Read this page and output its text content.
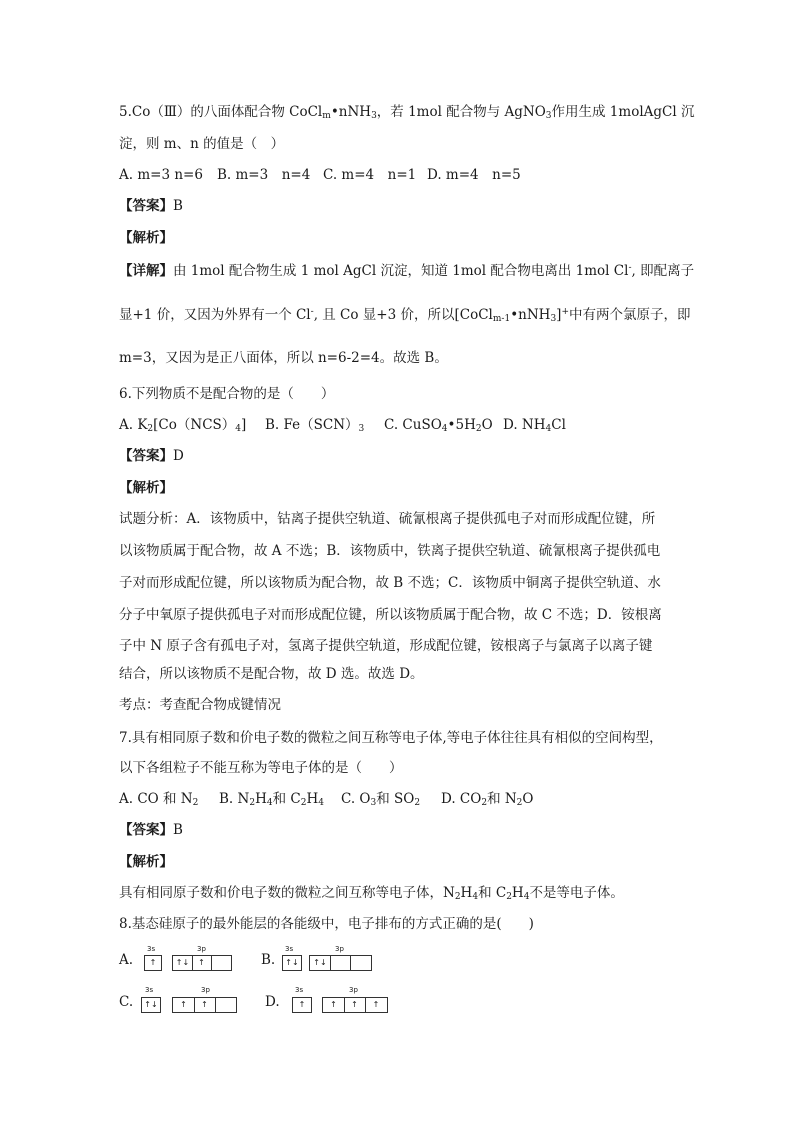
5.Co（Ⅲ）的八面体配合物 CoCl$_m$•nNH$_3$，若 1mol 配合物与 AgNO$_3$作用生成 1molAgCl 沉
淀，则 m、n 的值是（　）
A. m=3 n=6 B. m=3　n=4 C. m=4　n=1 D. m=4　n=5
【答案】B
【解析】
【详解】由 1mol 配合物生成 1 mol AgCl 沉淀，知道 1mol 配合物电离出 1mol Cl-, 即配离子
显+1 价，又因为外界有一个 Cl-, 且 Co 显+3 价，所以[CoCl$_{m-1}$•nNH$_3$]+中有两个氯原子，即
m=3，又因为是正八面体，所以 n=6-2=4。故选 B。
6.下列物质不是配合物的是（　　）
A. $K_2[Co(NCS)_4]$ B. $Fe(SCN)_3$ C. $CuSO_4•5H_2O$ D. $NH_4Cl$
【答案】D
【解析】
试题分析：A．该物质中，钴离子提供空轨道、硫氰根离子提供孤电子对而形成配位键，所
以该物质属于配合物，故 A 不选；B．该物质中，铁离子提供空轨道、硫氰根离子提供孤电
子对而形成配位键，所以该物质为配合物，故 B 不选；C．该物质中铜离子提供空轨道、水
分子中氧原子提供孤电子对而形成配位键，所以该物质属于配合物，故 C 不选；D．铵根离
子中 N 原子含有孤电子对，氢离子提供空轨道，形成配位键，铵根离子与氯离子以离子键
结合，所以该物质不是配合物，故 D 选。故选 D。
考点：考查配合物成键情况
7.具有相同原子数和价电子数的微粒之间互称等电子体,等电子体往往具有相似的空间构型，
以下各组粒子不能互称为等电子体的是（　　）
A. CO 和 $N_2$ B. $N_2H_4$和 $C_2H_4$ C. $O_3$和 $SO_2$ D. $CO_2$和 $N_2O$
【答案】B
【解析】
具有相同原子数和价电子数的微粒之间互称等电子体，$N_2H_4$和 $C_2H_4$不是等电子体。
8.基态硅原子的最外能层的各能级中，电子排布的方式正确的是(　　)
A.
3s
↑
3p
↑↓	↑	B.
3s
↑↓
3p
↑↓
C.
3s
↑↓
3p
↑	↑	D.
3s
↑
3p
↑	↑	↑
